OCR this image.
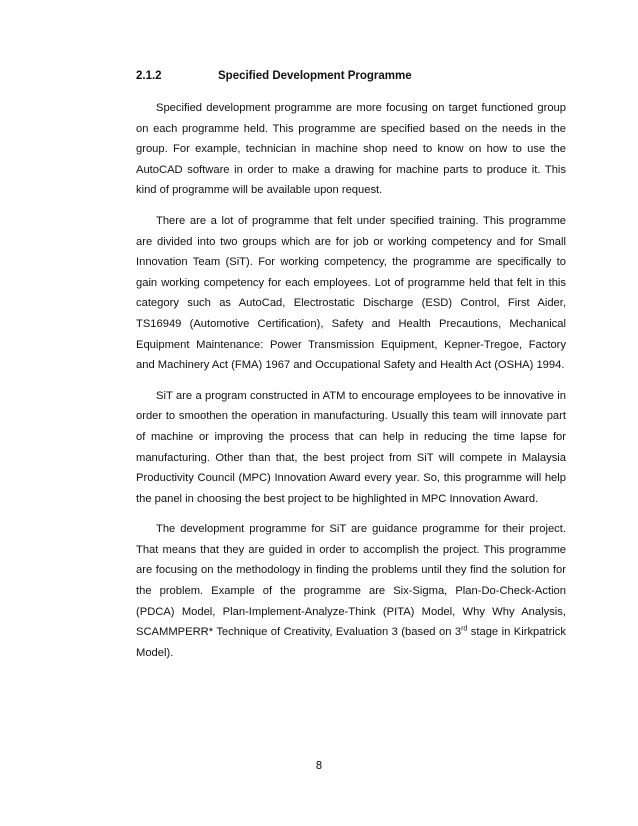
2.1.2	Specified Development Programme

Specified development programme are more focusing on target functioned group on each programme held. This programme are specified based on the needs in the group. For example, technician in machine shop need to know on how to use the AutoCAD software in order to make a drawing for machine parts to produce it. This kind of programme will be available upon request.

There are a lot of programme that felt under specified training. This programme are divided into two groups which are for job or working competency and for Small Innovation Team (SiT). For working competency, the programme are specifically to gain working competency for each employees. Lot of programme held that felt in this category such as AutoCad, Electrostatic Discharge (ESD) Control, First Aider, TS16949 (Automotive Certification), Safety and Health Precautions, Mechanical Equipment Maintenance: Power Transmission Equipment, Kepner-Tregoe, Factory and Machinery Act (FMA) 1967 and Occupational Safety and Health Act (OSHA) 1994.

SiT are a program constructed in ATM to encourage employees to be innovative in order to smoothen the operation in manufacturing. Usually this team will innovate part of machine or improving the process that can help in reducing the time lapse for manufacturing. Other than that, the best project from SiT will compete in Malaysia Productivity Council (MPC) Innovation Award every year. So, this programme will help the panel in choosing the best project to be highlighted in MPC Innovation Award.

The development programme for SiT are guidance programme for their project. That means that they are guided in order to accomplish the project. This programme are focusing on the methodology in finding the problems until they find the solution for the problem. Example of the programme are Six-Sigma, Plan-Do-Check-Action (PDCA) Model, Plan-Implement-Analyze-Think (PITA) Model, Why Why Analysis, SCAMMPERR* Technique of Creativity, Evaluation 3 (based on 3rd stage in Kirkpatrick Model).

8
